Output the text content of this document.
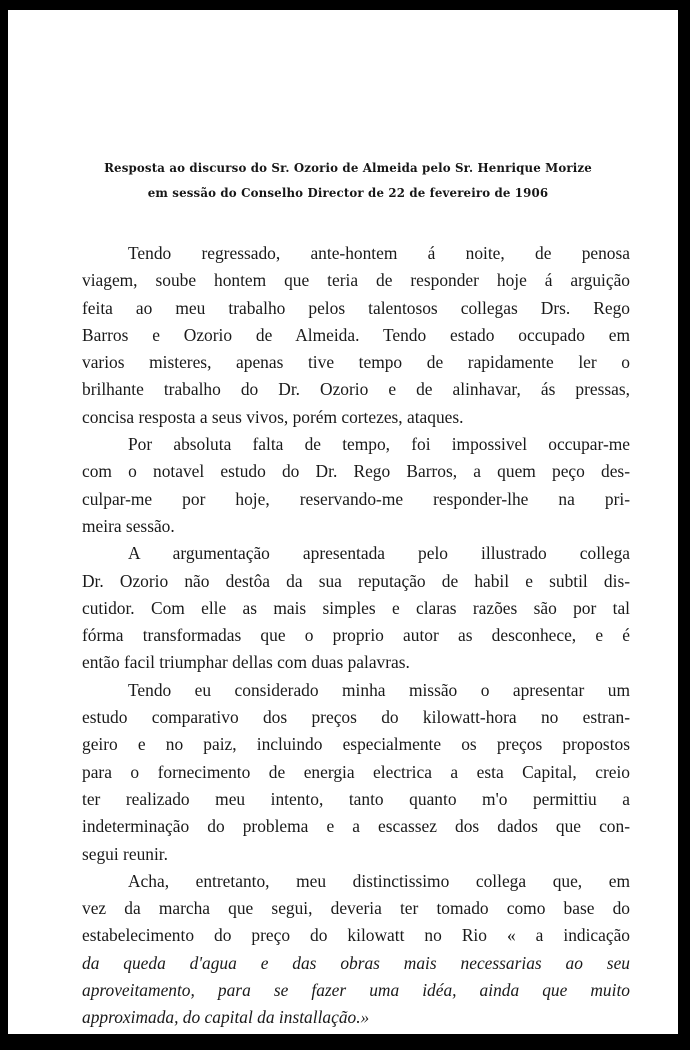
Resposta ao discurso do Sr. Ozorio de Almeida pelo Sr. Henrique Morize
em sessão do Conselho Director de 22 de fevereiro de 1906
Tendo regressado, ante-hontem á noite, de penosa
viagem, soube hontem que teria de responder hoje á arguição
feita ao meu trabalho pelos talentosos collegas Drs. Rego
Barros e Ozorio de Almeida. Tendo estado occupado em
varios misteres, apenas tive tempo de rapidamente ler o
brilhante trabalho do Dr. Ozorio e de alinhavar, ás pressas,
concisa resposta a seus vivos, porém cortezes, ataques.
Por absoluta falta de tempo, foi impossivel occupar-me
com o notavel estudo do Dr. Rego Barros, a quem peço des-
culpar-me por hoje, reservando-me responder-lhe na pri-
meira sessão.
A argumentação apresentada pelo illustrado collega
Dr. Ozorio não destôa da sua reputação de habil e subtil dis-
cutidor. Com elle as mais simples e claras razões são por tal
fórma transformadas que o proprio autor as desconhece, e é
então facil triumphar dellas com duas palavras.
Tendo eu considerado minha missão o apresentar um
estudo comparativo dos preços do kilowatt-hora no estran-
geiro e no paiz, incluindo especialmente os preços propostos
para o fornecimento de energia electrica a esta Capital, creio
ter realizado meu intento, tanto quanto m'o permittiu a
indeterminação do problema e a escassez dos dados que con-
segui reunir.
Acha, entretanto, meu distinctissimo collega que, em
vez da marcha que segui, deveria ter tomado como base do
estabelecimento do preço do kilowatt no Rio « a indicação
da queda d'agua e das obras mais necessarias ao seu
aproveitamento, para se fazer uma idéa, ainda que muito
approximada, do capital da installação.»
